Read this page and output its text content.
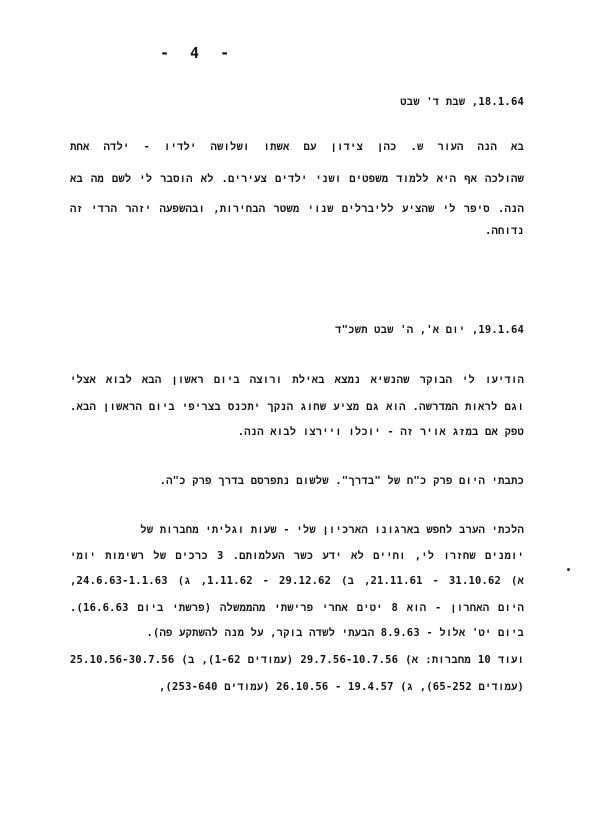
- 4 -
18.1.64, שבת ד' שבט
בא הנה העור ש. כהן צידון עם אשתו ושלושה ילדיו - ילדה אחת
שהולכה אף היא ללמוד משפטים ושני ילדים צעירים. לא הוסבר לי לשם מה בא
הנה. סיפר לי שהציע לליברלים שנוי משטר הבחירות, ובהשפעה יזהר הרדי זה
נדוחה.
19.1.64, יום א', ה' שבט תשכ"ד
הודיעו לי הבוקר שהנשיא נמצא באילת ורוצה ביום ראשון הבא לבוא אצלי
וגם לראות המדרשה. הוא גם מציע שחוג הנקך יתכנס בצריפי ביום הראשון הבא.
טפק אם במזג אויר זה - יוכלו ויירצו לבוא הנה.
כתבתי היום פרק כ"ח של "בדרך". שלשום נתפרסם בדרך פרק כ"ה.
הלכתי הערב לחפש בארגונו הארכיון שלי - שעות וגליתי מחברות של
יומנים שחזרו לי, וחיים לא ידע כשר העלמותם. 3 כרכים של רשימות יומי
א) 31.10.62 - 21.11.61, ב) 29.12.62 - 1.11.62, ג) 24.6.63-1.1.63,
היום האחרון - הוא 8 יטים אחרי פרישתי מהממשלה (פרשתי ביום 16.6.63).
ביום יט' אלול - 8.9.63 הבעתי לשדה בוקר, על מנה להשתקע פה).
ועוד 10 מחברות: א) 29.7.56-10.7.56 (עמודים 1-62), ב) 25.10.56-30.7.56
(עמודים 65-252), ג) 19.4.57 - 26.10.56 (עמודים 253-640),
